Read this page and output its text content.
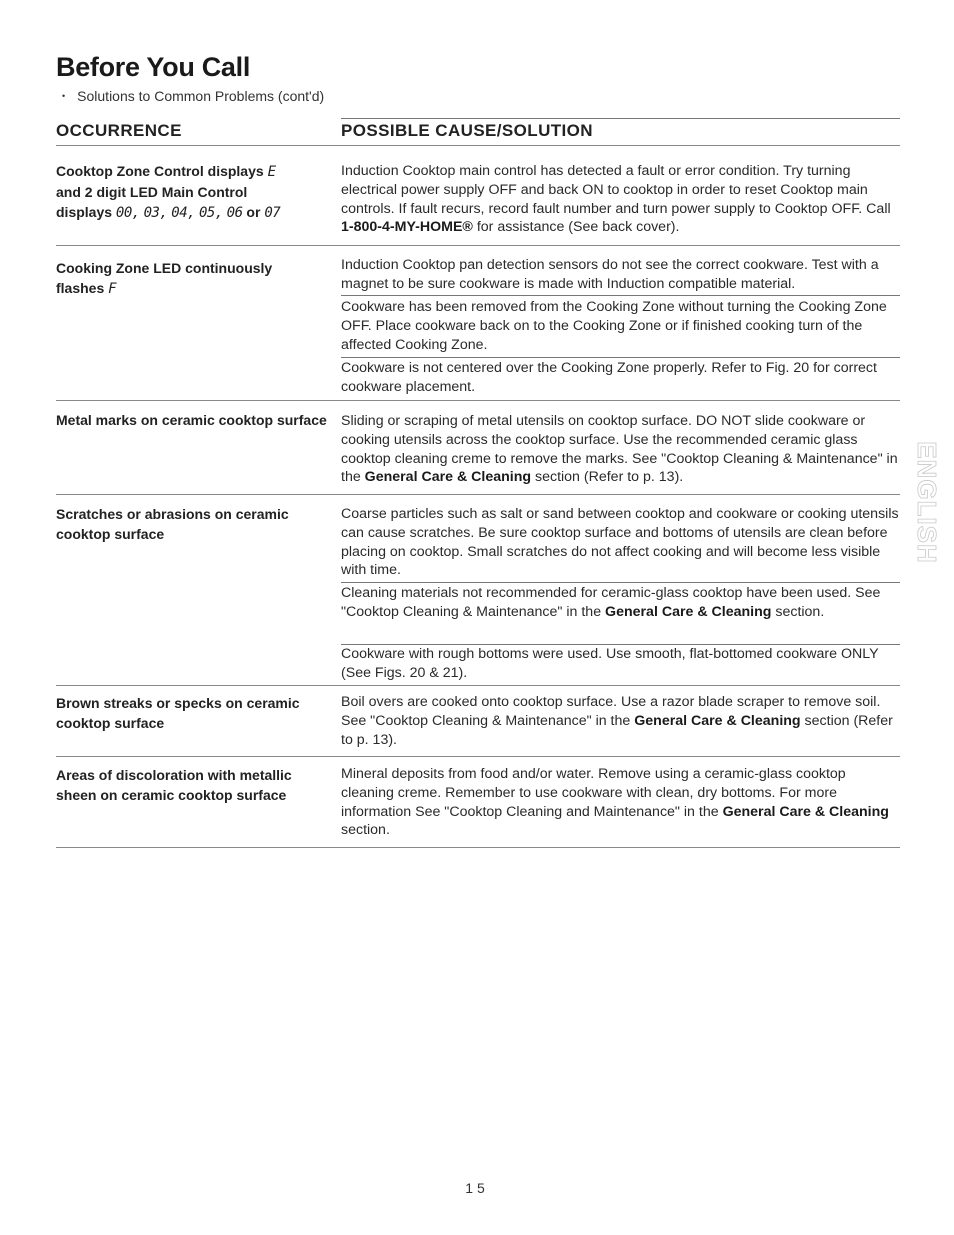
Before You Call
• Solutions to Common Problems (cont'd)
OCCURRENCE	POSSIBLE CAUSE/SOLUTION
Cooktop Zone Control displays E
and 2 digit LED Main Control
displays 00, 03, 04, 05, 06 or 07
Induction Cooktop main control has detected a fault or error condition. Try turning electrical power supply OFF and back ON to cooktop in order to reset Cooktop main controls. If fault recurs, record fault number and turn power supply to Cooktop OFF. Call 1-800-4-MY-HOME® for assistance (See back cover).
Cooking Zone LED continuously
flashes F
Induction Cooktop pan detection sensors do not see the correct cookware. Test with a magnet to be sure cookware is made with Induction compatible material.
Cookware has been removed from the Cooking Zone without turning the Cooking Zone OFF. Place cookware back on to the Cooking Zone or if finished cooking turn of the affected Cooking Zone.
Cookware is not centered over the Cooking Zone properly. Refer to Fig. 20 for correct cookware placement.
Metal marks on ceramic cooktop surface Sliding or scraping of metal utensils on cooktop surface. DO NOT slide cookware or cooking utensils across the cooktop surface. Use the recommended ceramic glass cooktop cleaning creme to remove the marks. See "Cooktop Cleaning & Maintenance" in the General Care & Cleaning section (Refer to p. 13).
Scratches or abrasions on ceramic cooktop surface
Coarse particles such as salt or sand between cooktop and cookware or cooking utensils can cause scratches. Be sure cooktop surface and bottoms of utensils are clean before placing on cooktop. Small scratches do not affect cooking and will become less visible with time.
Cleaning materials not recommended for ceramic-glass cooktop have been used. See "Cooktop Cleaning & Maintenance" in the General Care & Cleaning section.
Cookware with rough bottoms were used. Use smooth, flat-bottomed cookware ONLY (See Figs. 20 & 21).
Brown streaks or specks on ceramic cooktop surface
Boil overs are cooked onto cooktop surface. Use a razor blade scraper to remove soil. See "Cooktop Cleaning & Maintenance" in the General Care & Cleaning section (Refer to p. 13).
Areas of discoloration with metallic sheen on ceramic cooktop surface
Mineral deposits from food and/or water. Remove using a ceramic-glass cooktop cleaning creme. Remember to use cookware with clean, dry bottoms. For more information See "Cooktop Cleaning and Maintenance" in the General Care & Cleaning section.
ENGLISH
15
